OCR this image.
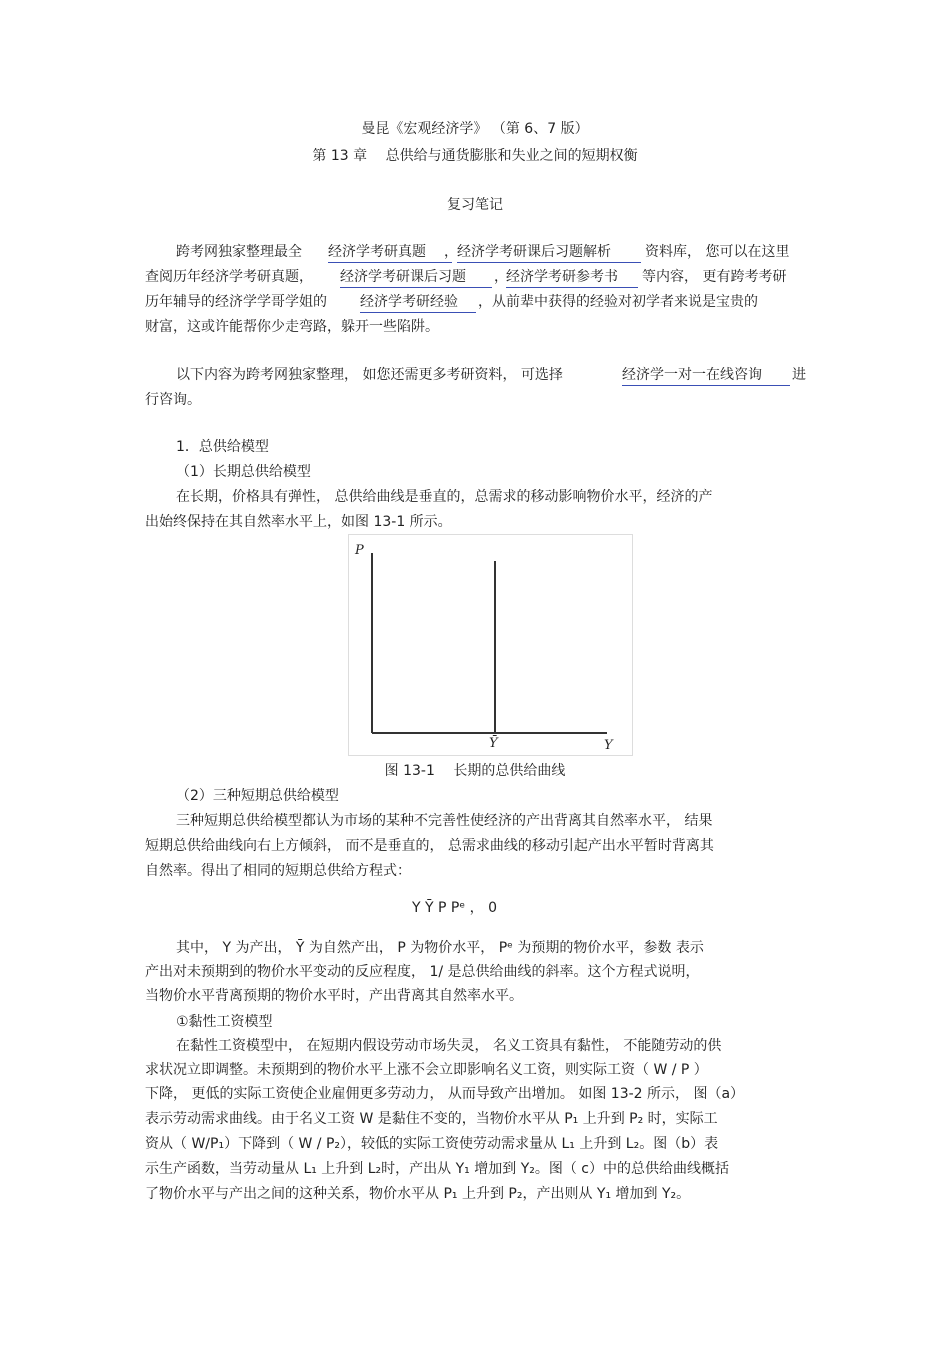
曼昆《宏观经济学》 （第 6、7 版）
第 13 章　 总供给与通货膨胀和失业之间的短期权衡
复习笔记
跨考网独家整理最全 经济学考研真题	， 经济学考研课后习题解析	资料库， 您可以在这里
查阅历年经济学考研真题， 经济学考研课后习题	，
经济学考研参考书	等内容， 更有跨考考研
历年辅导的经济学学哥学姐的 经济学考研经验	，从前辈中获得的经验对初学者来说是宝贵的
财富，这或许能帮你少走弯路，躲开一些陷阱。
以下内容为跨考网独家整理， 如您还需更多考研资料， 可选择	经济学一对一在线咨询	进
行咨询。
1．总供给模型
（1）长期总供给模型
在长期，价格具有弹性， 总供给曲线是垂直的，总需求的移动影响物价水平，经济的产
出始终保持在其自然率水平上，如图 13-1 所示。
P
Y
Ȳ
图 13-1　 长期的总供给曲线
（2）三种短期总供给模型
三种短期总供给模型都认为市场的某种不完善性使经济的产出背离其自然率水平， 结果
短期总供给曲线向右上方倾斜， 而不是垂直的， 总需求曲线的移动引起产出水平暂时背离其
自然率。得出了相同的短期总供给方程式：
Y Ȳ P Pᵉ ， 0
其中， Y 为产出， Ȳ 为自然产出， P 为物价水平， Pᵉ 为预期的物价水平，参数 表示
产出对未预期到的物价水平变动的反应程度， 1/ 是总供给曲线的斜率。这个方程式说明，
当物价水平背离预期的物价水平时，产出背离其自然率水平。
①黏性工资模型
在黏性工资模型中， 在短期内假设劳动市场失灵， 名义工资具有黏性， 不能随劳动的供
求状况立即调整。未预期到的物价水平上涨不会立即影响名义工资，则实际工资（ W / P ）
下降， 更低的实际工资使企业雇佣更多劳动力， 从而导致产出增加。 如图 13-2 所示， 图（a）
表示劳动需求曲线。由于名义工资 W 是黏住不变的，当物价水平从 P₁ 上升到 P₂ 时，实际工
资从（ W∕P₁）下降到（ W / P₂），较低的实际工资使劳动需求量从 L₁ 上升到 L₂。图（b）表
示生产函数，当劳动量从 L₁ 上升到 L₂时，产出从 Y₁ 增加到 Y₂。图（ c）中的总供给曲线概括
了物价水平与产出之间的这种关系，物价水平从 P₁ 上升到 P₂，产出则从 Y₁ 增加到 Y₂。
